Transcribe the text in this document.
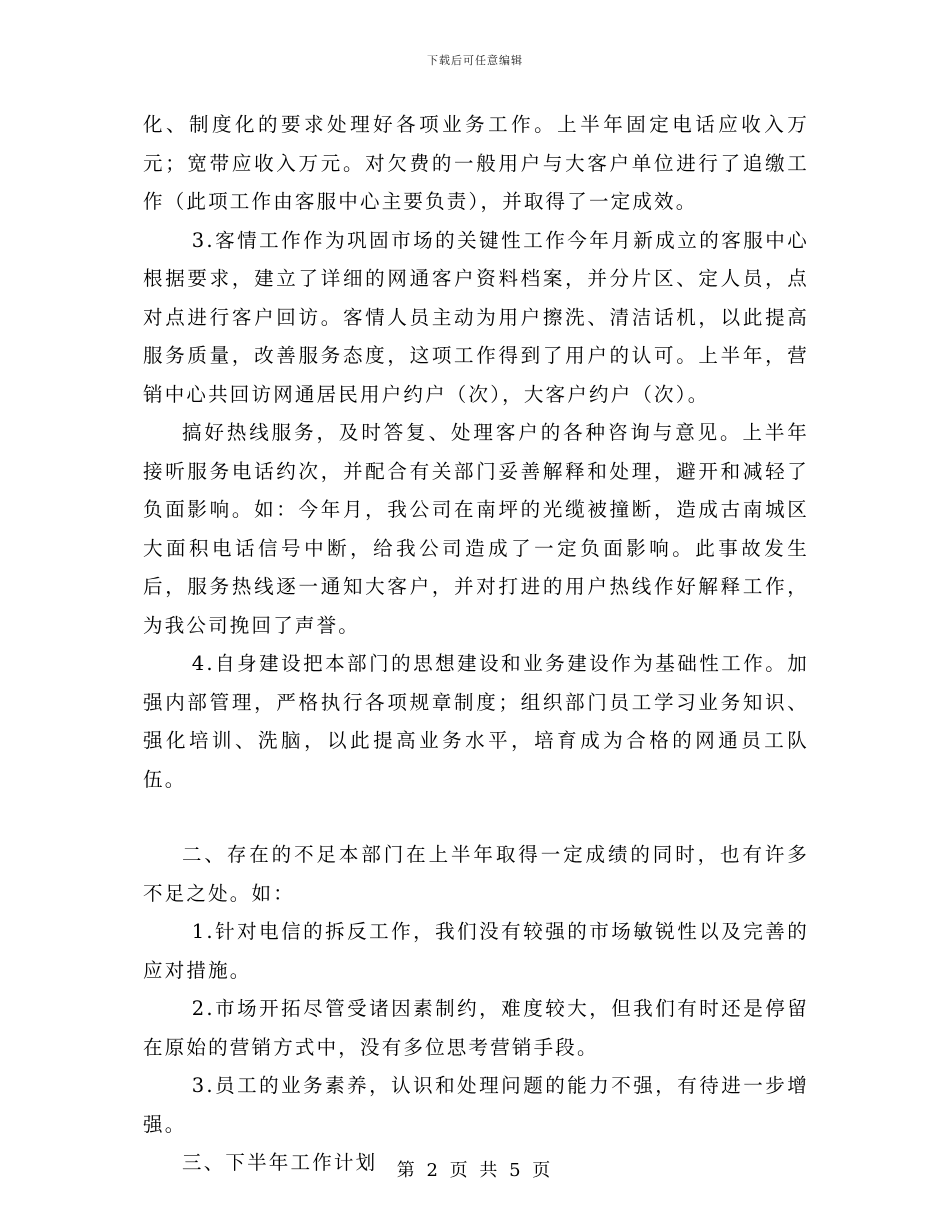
下载后可任意编辑

化、制度化的要求处理好各项业务工作。上半年固定电话应收入万元；宽带应收入万元。对欠费的一般用户与大客户单位进行了追缴工作（此项工作由客服中心主要负责），并取得了一定成效。

3.客情工作作为巩固市场的关键性工作今年月新成立的客服中心根据要求，建立了详细的网通客户资料档案，并分片区、定人员，点对点进行客户回访。客情人员主动为用户擦洗、清洁话机，以此提高服务质量，改善服务态度，这项工作得到了用户的认可。上半年，营销中心共回访网通居民用户约户（次），大客户约户（次）。

搞好热线服务，及时答复、处理客户的各种咨询与意见。上半年接听服务电话约次，并配合有关部门妥善解释和处理，避开和减轻了负面影响。如：今年月，我公司在南坪的光缆被撞断，造成古南城区大面积电话信号中断，给我公司造成了一定负面影响。此事故发生后，服务热线逐一通知大客户，并对打进的用户热线作好解释工作，为我公司挽回了声誉。

4.自身建设把本部门的思想建设和业务建设作为基础性工作。加强内部管理，严格执行各项规章制度；组织部门员工学习业务知识、强化培训、洗脑，以此提高业务水平，培育成为合格的网通员工队伍。

二、存在的不足本部门在上半年取得一定成绩的同时，也有许多不足之处。如：

1.针对电信的拆反工作，我们没有较强的市场敏锐性以及完善的应对措施。

2.市场开拓尽管受诸因素制约，难度较大，但我们有时还是停留在原始的营销方式中，没有多位思考营销手段。

3.员工的业务素养，认识和处理问题的能力不强，有待进一步增强。

三、下半年工作计划	第 2 页 共 5 页
